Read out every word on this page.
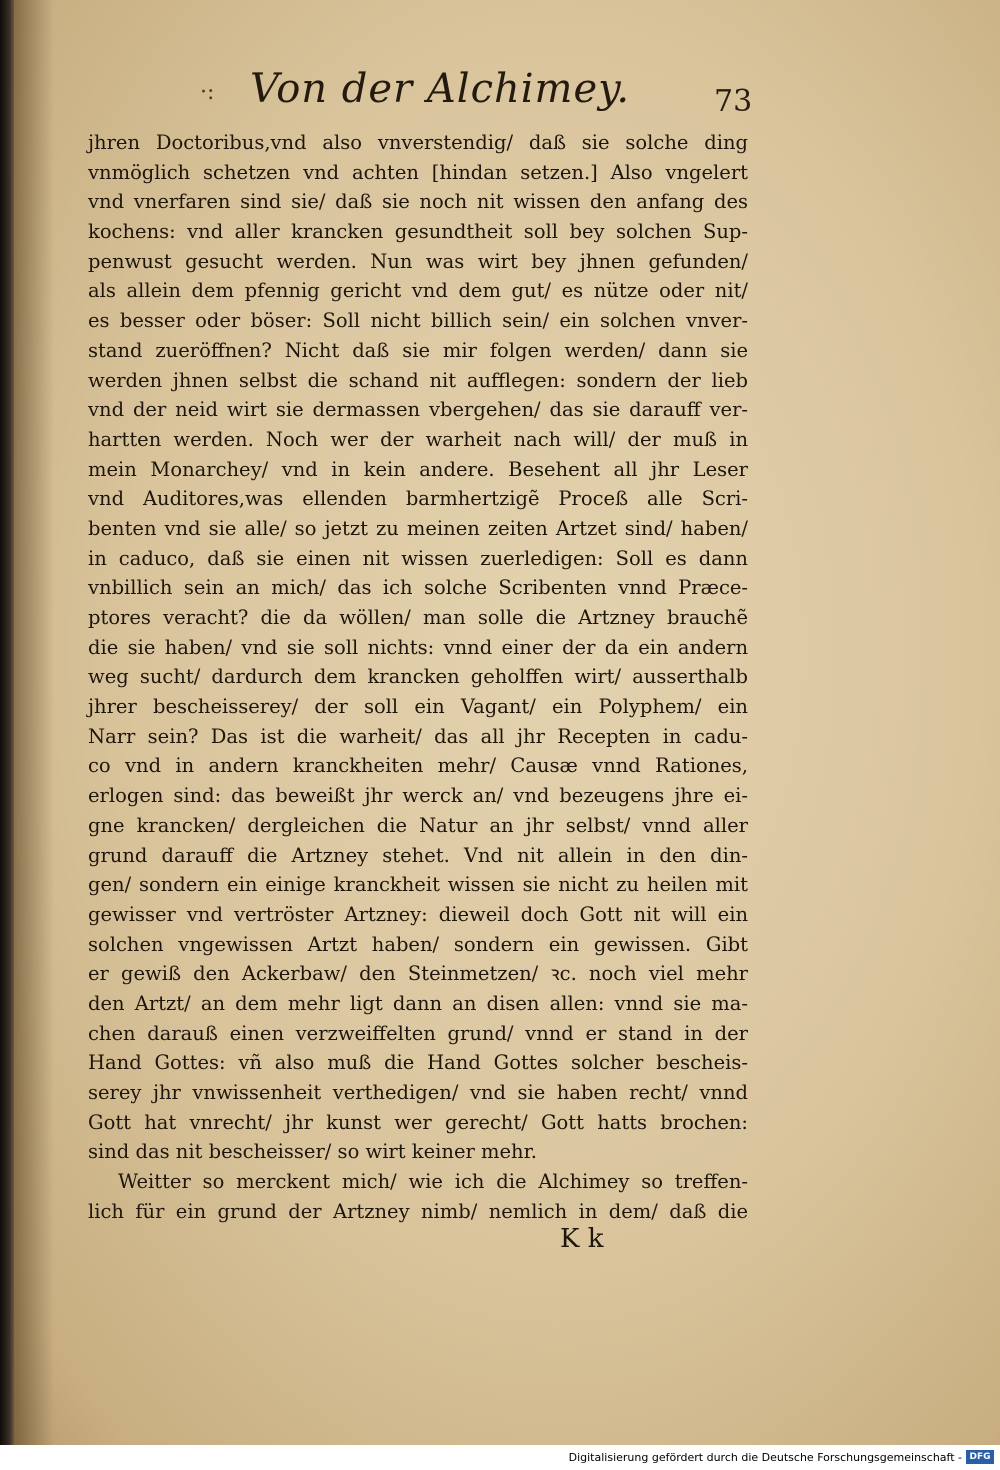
·: Von der Alchimey.	73
jhren Doctoribus,vnd also vnverstendig/ daß sie solche ding
vnmöglich schetzen vnd achten [hindan setzen.] Also vngelert
vnd vnerfaren sind sie/ daß sie noch nit wissen den anfang des
kochens: vnd aller krancken gesundtheit soll bey solchen Sup-
penwust gesucht werden. Nun was wirt bey jhnen gefunden/
als allein dem pfennig gericht vnd dem gut/ es nütze oder nit/
es besser oder böser: Soll nicht billich sein/ ein solchen vnver-
stand zueröffnen? Nicht daß sie mir folgen werden/ dann sie
werden jhnen selbst die schand nit aufflegen: sondern der lieb
vnd der neid wirt sie dermassen vbergehen/ das sie darauff ver-
hartten werden. Noch wer der warheit nach will/ der muß in
mein Monarchey/ vnd in kein andere. Besehent all jhr Leser
vnd Auditores,was ellenden barmhertzigẽ Proceß alle Scri-
benten vnd sie alle/ so jetzt zu meinen zeiten Artzet sind/ haben/
in caduco, daß sie einen nit wissen zuerledigen: Soll es dann
vnbillich sein an mich/ das ich solche Scribenten vnnd Præce-
ptores veracht? die da wöllen/ man solle die Artzney brauchẽ
die sie haben/ vnd sie soll nichts: vnnd einer der da ein andern
weg sucht/ dardurch dem krancken geholffen wirt/ ausserthalb
jhrer bescheisserey/ der soll ein Vagant/ ein Polyphem/ ein
Narr sein? Das ist die warheit/ das all jhr Recepten in cadu-
co vnd in andern kranckheiten mehr/ Causæ vnnd Rationes,
erlogen sind: das beweißt jhr werck an/ vnd bezeugens jhre ei-
gne krancken/ dergleichen die Natur an jhr selbst/ vnnd aller
grund darauff die Artzney stehet. Vnd nit allein in den din-
gen/ sondern ein einige kranckheit wissen sie nicht zu heilen mit
gewisser vnd vertröster Artzney: dieweil doch Gott nit will ein
solchen vngewissen Artzt haben/ sondern ein gewissen. Gibt
er gewiß den Ackerbaw/ den Steinmetzen/ ꝛc. noch viel mehr
den Artzt/ an dem mehr ligt dann an disen allen: vnnd sie ma-
chen darauß einen verzweiffelten grund/ vnnd er stand in der
Hand Gottes: vñ also muß die Hand Gottes solcher bescheis-
serey jhr vnwissenheit verthedigen/ vnd sie haben recht/ vnnd
Gott hat vnrecht/ jhr kunst wer gerecht/ Gott hatts brochen:
sind das nit bescheisser/ so wirt keiner mehr.
Weitter so merckent mich/ wie ich die Alchimey so treffen-
lich für ein grund der Artzney nimb/ nemlich in dem/ daß die
K k
Digitalisierung gefördert durch die Deutsche Forschungsgemeinschaft - DFG
